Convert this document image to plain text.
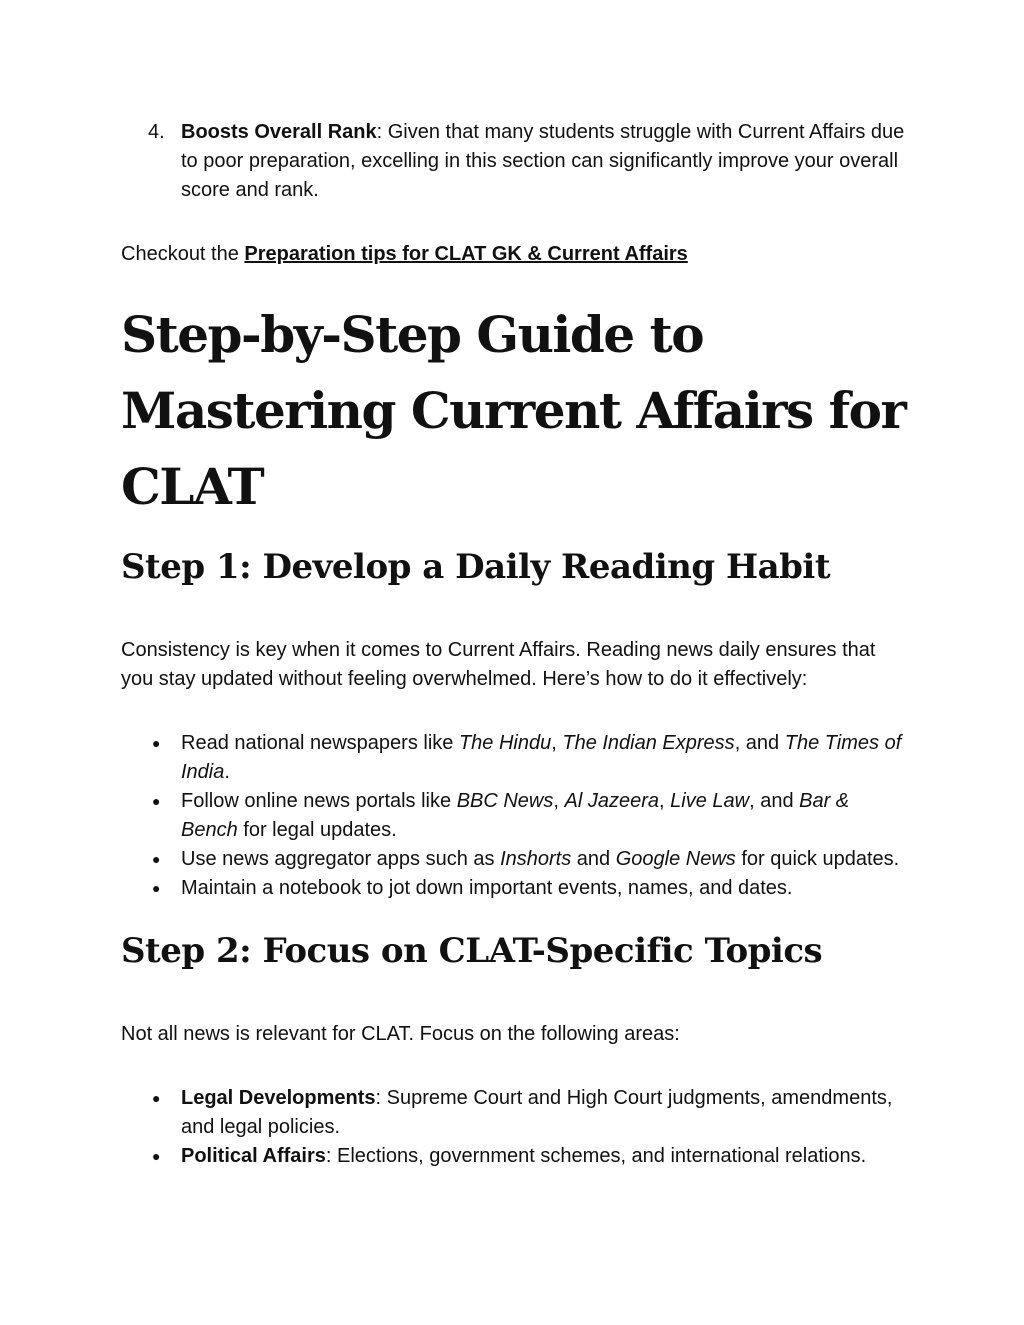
4. Boosts Overall Rank: Given that many students struggle with Current Affairs due to poor preparation, excelling in this section can significantly improve your overall score and rank.

Checkout the Preparation tips for CLAT GK & Current Affairs

Step-by-Step Guide to Mastering Current Affairs for CLAT
Step 1: Develop a Daily Reading Habit

Consistency is key when it comes to Current Affairs. Reading news daily ensures that you stay updated without feeling overwhelmed. Here’s how to do it effectively:

● Read national newspapers like The Hindu, The Indian Express, and The Times of India.
● Follow online news portals like BBC News, Al Jazeera, Live Law, and Bar & Bench for legal updates.
● Use news aggregator apps such as Inshorts and Google News for quick updates.
● Maintain a notebook to jot down important events, names, and dates.
Step 2: Focus on CLAT-Specific Topics

Not all news is relevant for CLAT. Focus on the following areas:

● Legal Developments: Supreme Court and High Court judgments, amendments, and legal policies.
● Political Affairs: Elections, government schemes, and international relations.
